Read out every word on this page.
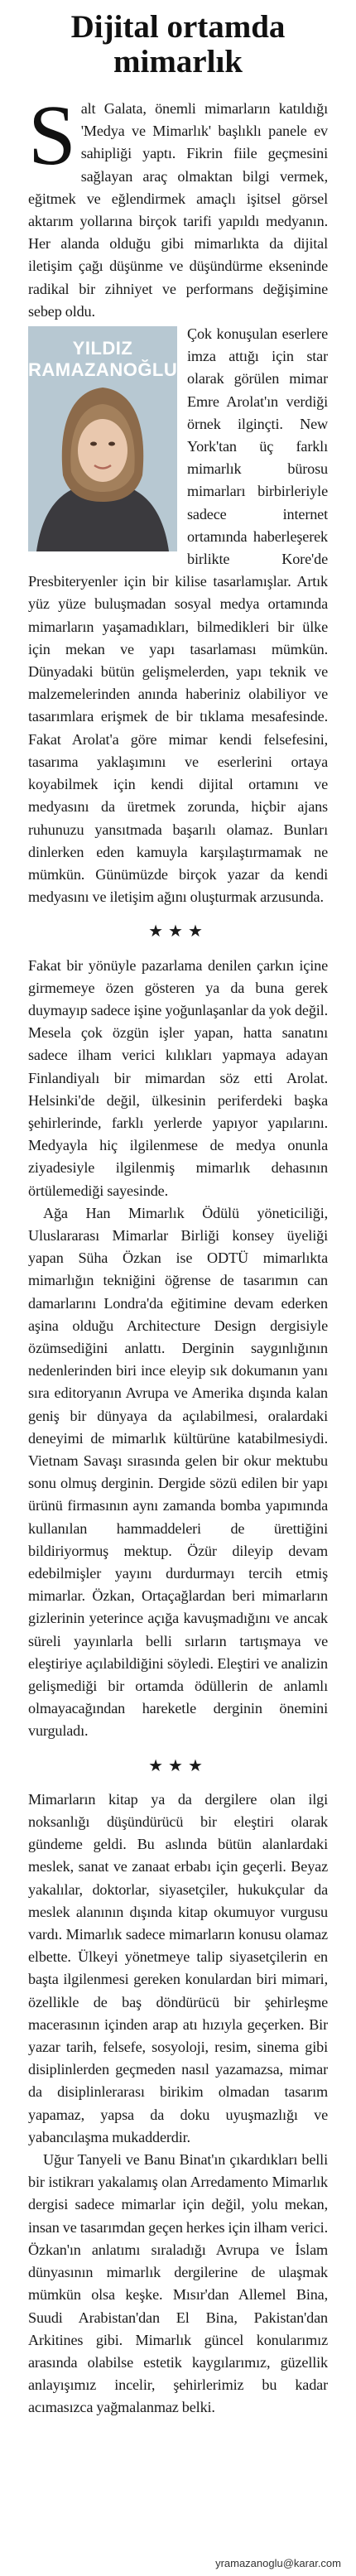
Dijital ortamda
mimarlık

Salt Galata, önemli mimarların katıldığı 'Medya ve Mimarlık' başlıklı panele ev sahipliği yaptı. Fikrin fiile geçmesini sağlayan araç olmaktan bilgi vermek, eğitmek ve eğlendirmek amaçlı işitsel görsel aktarım yollarına birçok tarifi yapıldı medyanın. Her alanda olduğu gibi mimarlıkta da dijital iletişim çağı düşünme ve düşündürme ekseninde radikal bir zihniyet ve performans değişimine sebep oldu.

YILDIZ
RAMAZANOĞLU

Çok konuşulan eserlere imza attığı için star olarak görülen mimar Emre Arolat'ın verdiği örnek ilginçti. New York'tan üç farklı mimarlık bürosu mimarları birbirleriyle sadece internet ortamında haberleşerek birlikte Kore'de Presbiteryenler için bir kilise tasarlamışlar. Artık yüz yüze buluşmadan sosyal medya ortamında mimarların yaşamadıkları, bilmedikleri bir ülke için mekan ve yapı tasarlaması mümkün. Dünyadaki bütün gelişmelerden, yapı teknik ve malzemelerinden anında haberiniz olabiliyor ve tasarımlara erişmek de bir tıklama mesafesinde. Fakat Arolat'a göre mimar kendi felsefesini, tasarıma yaklaşımını ve eserlerini ortaya koyabilmek için kendi dijital ortamını ve medyasını da üretmek zorunda, hiçbir ajans ruhunuzu yansıtmada başarılı olamaz. Bunları dinlerken eden kamuyla karşılaştırmamak ne mümkün. Günümüzde birçok yazar da kendi medyasını ve iletişim ağını oluşturmak arzusunda.

★★★

Fakat bir yönüyle pazarlama denilen çarkın içine girmemeye özen gösteren ya da buna gerek duymayıp sadece işine yoğunlaşanlar da yok değil. Mesela çok özgün işler yapan, hatta sanatını sadece ilham verici kılıkları yapmaya adayan Finlandiyalı bir mimardan söz etti Arolat. Helsinki'de değil, ülkesinin periferdeki başka şehirlerinde, farklı yerlerde yapıyor yapılarını. Medyayla hiç ilgilenmese de medya onunla ziyadesiyle ilgilenmiş mimarlık dehasının örtülemediği sayesinde.

Ağa Han Mimarlık Ödülü yöneticiliği, Uluslararası Mimarlar Birliği konsey üyeliği yapan Süha Özkan ise ODTÜ mimarlıkta mimarlığın tekniğini öğrense de tasarımın can damarlarını Londra'da eğitimine devam ederken aşina olduğu Architecture Design dergisiyle özümsediğini anlattı. Derginin saygınlığının nedenlerinden biri ince eleyip sık dokumanın yanı sıra editoryanın Avrupa ve Amerika dışında kalan geniş bir dünyaya da açılabilmesi, oralardaki deneyimi de mimarlık kültürüne katabilmesiydi. Vietnam Savaşı sırasında gelen bir okur mektubu sonu olmuş derginin. Dergide sözü edilen bir yapı ürünü firmasının aynı zamanda bomba yapımında kullanılan hammaddeleri de ürettiğini bildiriyormuş mektup. Özür dileyip devam edebilmişler yayını durdurmayı tercih etmiş mimarlar. Özkan, Ortaçağlardan beri mimarların gizlerinin yeterince açığa kavuşmadığını ve ancak süreli yayınlarla belli sırların tartışmaya ve eleştiriye açılabildiğini söyledi. Eleştiri ve analizin gelişmediği bir ortamda ödüllerin de anlamlı olmayacağından hareketle derginin önemini vurguladı.

★★★

Mimarların kitap ya da dergilere olan ilgi noksanlığı düşündürücü bir eleştiri olarak gündeme geldi. Bu aslında bütün alanlardaki meslek, sanat ve zanaat erbabı için geçerli. Beyaz yakalılar, doktorlar, siyasetçiler, hukukçular da meslek alanının dışında kitap okumuyor vurgusu vardı. Mimarlık sadece mimarların konusu olamaz elbette. Ülkeyi yönetmeye talip siyasetçilerin en başta ilgilenmesi gereken konulardan biri mimari, özellikle de baş döndürücü bir şehirleşme macerasının içinden arap atı hızıyla geçerken. Bir yazar tarih, felsefe, sosyoloji, resim, sinema gibi disiplinlerden geçmeden nasıl yazamazsa, mimar da disiplinlerarası birikim olmadan tasarım yapamaz, yapsa da doku uyuşmazlığı ve yabancılaşma mukadderdir.

Uğur Tanyeli ve Banu Binat'ın çıkardıkları belli bir istikrarı yakalamış olan Arredamento Mimarlık dergisi sadece mimarlar için değil, yolu mekan, insan ve tasarımdan geçen herkes için ilham verici. Özkan'ın anlatımı sıraladığı Avrupa ve İslam dünyasının mimarlık dergilerine de ulaşmak mümkün olsa keşke. Mısır'dan Allemel Bina, Suudi Arabistan'dan El Bina, Pakistan'dan Arkitines gibi. Mimarlık güncel konularımız arasında olabilse estetik kaygılarımız, güzellik anlayışımız incelir, şehirlerimiz bu kadar acımasızca yağmalanmaz belki.

yramazanoglu@karar.com
